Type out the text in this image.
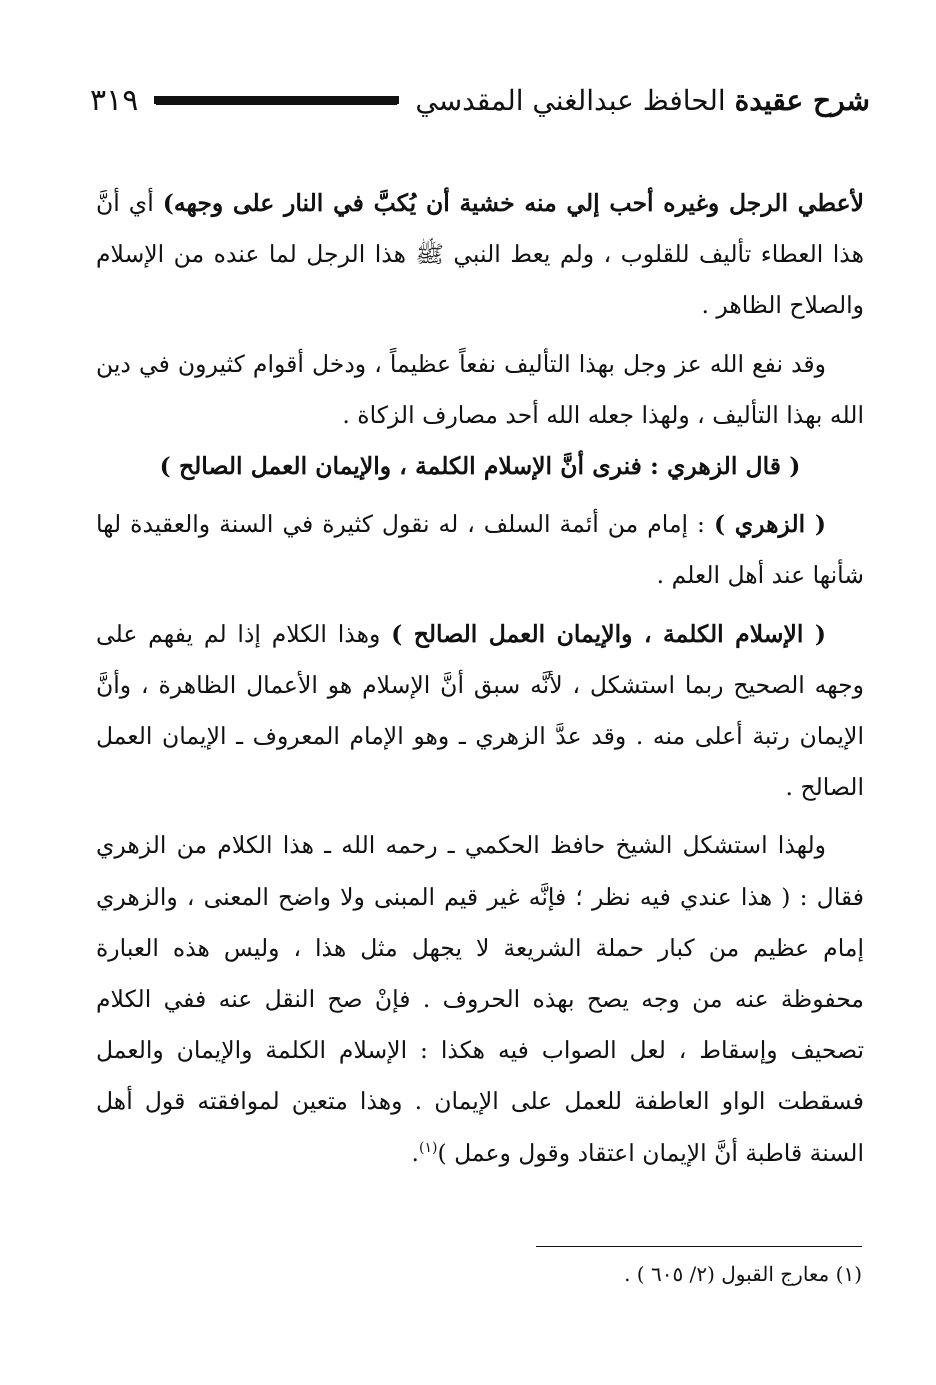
شرح عقيدة الحافظ عبدالغني المقدسي
٣١٩

لأعطي الرجل وغيره أحب إلي منه خشية أن يُكبَّ في النار على وجهه) أي أنَّ هذا العطاء تأليف للقلوب ، ولم يعط النبي ﷺ هذا الرجل لما عنده من الإسلام والصلاح الظاهر .

وقد نفع الله عز وجل بهذا التأليف نفعاً عظيماً ، ودخل أقوام كثيرون في دين الله بهذا التأليف ، ولهذا جعله الله أحد مصارف الزكاة .

( قال الزهري : فنرى أنَّ الإسلام الكلمة ، والإيمان العمل الصالح )

( الزهري ) : إمام من أئمة السلف ، له نقول كثيرة في السنة والعقيدة لها شأنها عند أهل العلم .

( الإسلام الكلمة ، والإيمان العمل الصالح ) وهذا الكلام إذا لم يفهم على وجهه الصحيح ربما استشكل ، لأنَّه سبق أنَّ الإسلام هو الأعمال الظاهرة ، وأنَّ الإيمان رتبة أعلى منه . وقد عدَّ الزهري ـ وهو الإمام المعروف ـ الإيمان العمل الصالح .

ولهذا استشكل الشيخ حافظ الحكمي ـ رحمه الله ـ هذا الكلام من الزهري فقال : ( هذا عندي فيه نظر ؛ فإنَّه غير قيم المبنى ولا واضح المعنى ، والزهري إمام عظيم من كبار حملة الشريعة لا يجهل مثل هذا ، وليس هذه العبارة محفوظة عنه من وجه يصح بهذه الحروف . فإنْ صح النقل عنه ففي الكلام تصحيف وإسقاط ، لعل الصواب فيه هكذا : الإسلام الكلمة والإيمان والعمل فسقطت الواو العاطفة للعمل على الإيمان . وهذا متعين لموافقته قول أهل السنة قاطبة أنَّ الإيمان اعتقاد وقول وعمل )$^{(١)}$.

(١) معارج القبول (٢/ ٦٠٥ ) .
